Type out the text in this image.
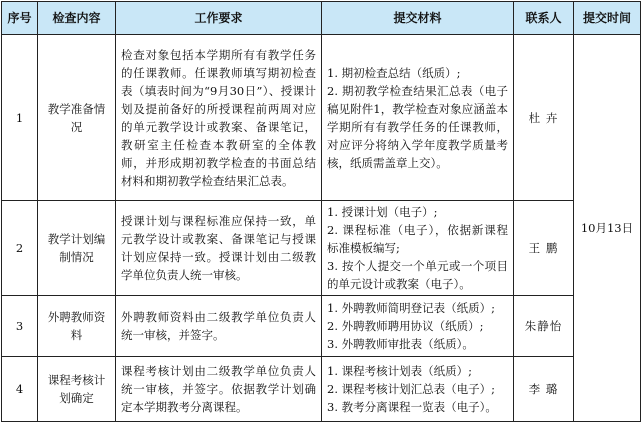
序号	检查内容	工作要求	提交材料	联系人	提交时间
1	教学准备情况	检查对象包括本学期所有有教学任务的任课教师。任课教师填写期初检查表（填表时间为“9月30日”）、授课计划及提前备好的所授课程前两周对应的单元教学设计或教案、备课笔记，教研室主任检查本教研室的全体教师，并形成期初教学检查的书面总结材料和期初教学检查结果汇总表。	1. 期初检查总结（纸质）;
2. 期初教学检查结果汇总表（电子稿见附件1，教学检查对象应涵盖本学期所有有教学任务的任课教师，对应评分将纳入学年度教学质量考核，纸质需盖章上交）。	杜 卉	10月13日
2	教学计划编制情况	授课计划与课程标准应保持一致，单元教学设计或教案、备课笔记与授课计划应保持一致。授课计划由二级教学单位负责人统一审核。	1. 授课计划（电子）;
2. 课程标准（电子），依据新课程标准模板编写;
3. 按个人提交一个单元或一个项目的单元设计或教案（电子）。	王 鹏	
3	外聘教师资料	外聘教师资料由二级教学单位负责人统一审核，并签字。	1. 外聘教师简明登记表（纸质）;
2. 外聘教师聘用协议（纸质）;
3. 外聘教师审批表（纸质）。	朱静怡	
4	课程考核计划确定	课程考核计划由二级教学单位负责人统一审核，并签字。依据教学计划确定本学期教考分离课程。	1. 课程考核计划表（纸质）;
2. 课程考核计划汇总表（电子）;
3. 教考分离课程一览表（电子）。	李 璐	
